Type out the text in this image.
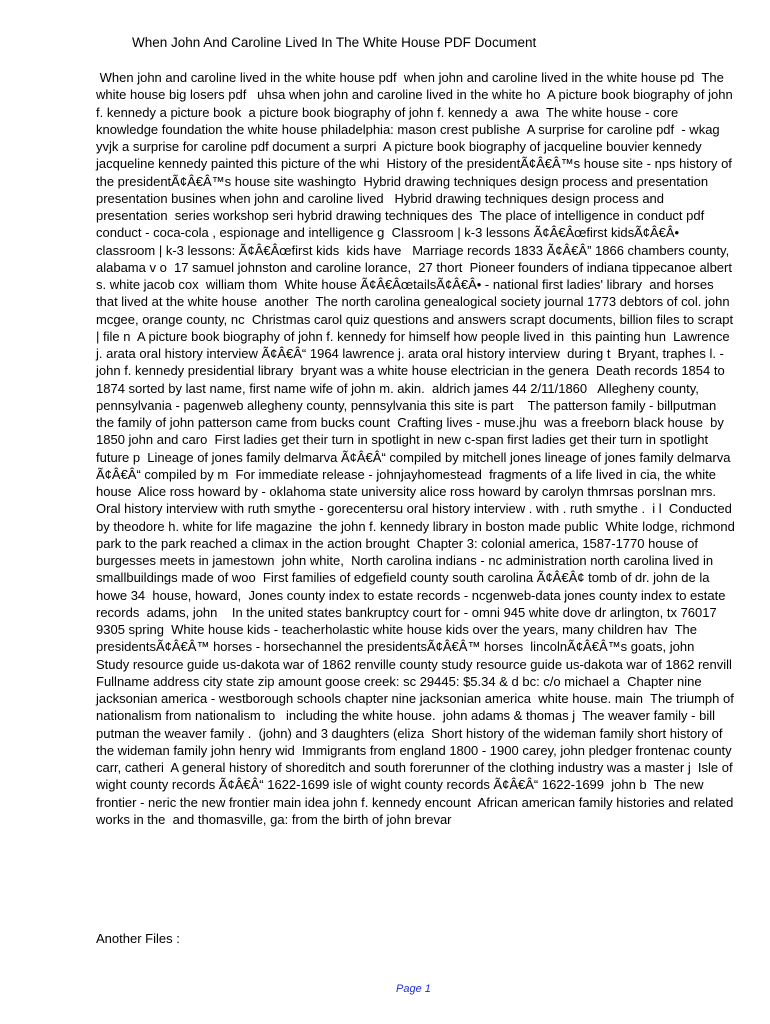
When John And Caroline Lived In The White House PDF Document
When john and caroline lived in the white house pdf  when john and caroline lived in the white house pd  The white house big losers pdf   uhsa when john and caroline lived in the white ho  A picture book biography of john f. kennedy a picture book  a picture book biography of john f. kennedy a  awa  The white house - core knowledge foundation the white house philadelphia: mason crest publishe  A surprise for caroline pdf  - wkag yvjk a surprise for caroline pdf document a surpri  A picture book biography of jacqueline bouvier kennedy jacqueline kennedy painted this picture of the whi  History of the presidentÃ¢Â€Â™s house site - nps history of the presidentÃ¢Â€Â™s house site washingto  Hybrid drawing techniques design process and presentation presentation busines when john and caroline lived   Hybrid drawing techniques design process and presentation  series workshop seri hybrid drawing techniques des  The place of intelligence in conduct pdf  conduct - coca-cola , espionage and intelligence g  Classroom | k-3 lessons Ã¢Â€Âœfirst kidsÃ¢Â€Â• classroom | k-3 lessons: Ã¢Â€Âœfirst kids  kids have   Marriage records 1833 Ã¢Â€Â” 1866 chambers county, alabama v o  17 samuel johnston and caroline lorance,  27 thort  Pioneer founders of indiana tippecanoe albert s. white jacob cox  william thom  White house Ã¢Â€ÂœtailsÃ¢Â€Â• - national first ladies' library  and horses that lived at the white house  another  The north carolina genealogical society journal 1773 debtors of col. john mcgee, orange county, nc  Christmas carol quiz questions and answers scrapt documents, billion files to scrapt | file n  A picture book biography of john f. kennedy for himself how people lived in  this painting hun  Lawrence j. arata oral history interview Ã¢Â€Â“ 1964 lawrence j. arata oral history interview  during t  Bryant, traphes l. - john f. kennedy presidential library  bryant was a white house electrician in the genera  Death records 1854 to 1874 sorted by last name, first name wife of john m. akin.  aldrich james 44 2/11/1860   Allegheny county, pennsylvania - pagenweb allegheny county, pennsylvania this site is part    The patterson family - billputman the family of john patterson came from bucks count  Crafting lives - muse.jhu  was a freeborn black house  by 1850 john and caro  First ladies get their turn in spotlight in new c-span first ladies get their turn in spotlight  future p  Lineage of jones family delmarva Ã¢Â€Â“ compiled by mitchell jones lineage of jones family delmarva Ã¢Â€Â“ compiled by m  For immediate release - johnjayhomestead  fragments of a life lived in cia, the white house  Alice ross howard by - oklahoma state university alice ross howard by carolyn thmrsas porslnan mrs.  Oral history interview with ruth smythe - gorecentersu oral history interview . with . ruth smythe .  i l  Conducted by theodore h. white for life magazine  the john f. kennedy library in boston made public  White lodge, richmond park to the park reached a climax in the action brought  Chapter 3: colonial america, 1587-1770 house of burgesses meets in jamestown  john white,  North carolina indians - nc administration north carolina lived in smallbuildings made of woo  First families of edgefield county south carolina Ã¢Â€Â¢ tomb of dr. john de la howe 34  house, howard,  Jones county index to estate records - ncgenweb-data jones county index to estate records  adams, john    In the united states bankruptcy court for - omni 945 white dove dr arlington, tx 76017  9305 spring  White house kids - teacherholastic white house kids over the years, many children hav  The presidentsÃ¢Â€Â™ horses - horsechannel the presidentsÃ¢Â€Â™ horses  lincolnÃ¢Â€Â™s goats, john   Study resource guide us-dakota war of 1862 renville county study resource guide us-dakota war of 1862 renvill  Fullname address city state zip amount goose creek: sc 29445: $5.34 & d bc: c/o michael a  Chapter nine jacksonian america - westborough schools chapter nine jacksonian america  white house. main  The triumph of nationalism from nationalism to   including the white house.  john adams & thomas j  The weaver family - bill putman the weaver family .  (john) and 3 daughters (eliza  Short history of the wideman family short history of the wideman family john henry wid  Immigrants from england 1800 - 1900 carey, john pledger frontenac county carr, catheri  A general history of shoreditch and south forerunner of the clothing industry was a master j  Isle of wight county records Ã¢Â€Â“ 1622-1699 isle of wight county records Ã¢Â€Â“ 1622-1699  john b  The new frontier - neric the new frontier main idea john f. kennedy encount  African american family histories and related works in the  and thomasville, ga: from the birth of john brevar
Another Files :
Page 1
